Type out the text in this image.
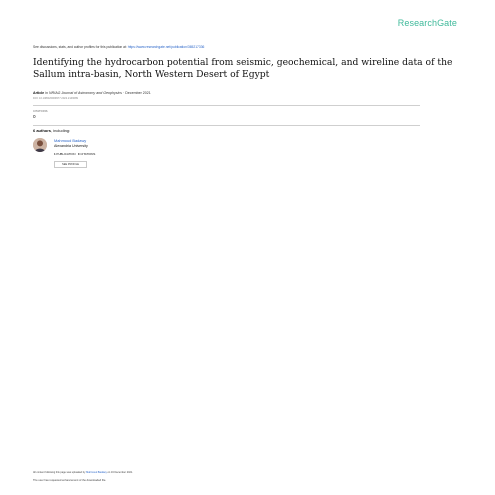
ResearchGate
See discussions, stats, and author profiles for this publication at: https://www.researchgate.net/publication/365217336
Identifying the hydrocarbon potential from seismic, geochemical, and wireline data of the Sallum intra-basin, North Western Desert of Egypt
Article in NRIAG Journal of Astronomy and Geophysics · December 2021
DOI: 10.1080/20909977.2022.2146089
CITATIONS
0
6 authors, including:
Mahmoud Badawy
Alexandria University
1 PUBLICATION 0 CITATIONS
SEE PROFILE
All content following this page was uploaded by Mahmoud Badawy on 16 December 2021.
The user has requested enhancement of the downloaded file.
